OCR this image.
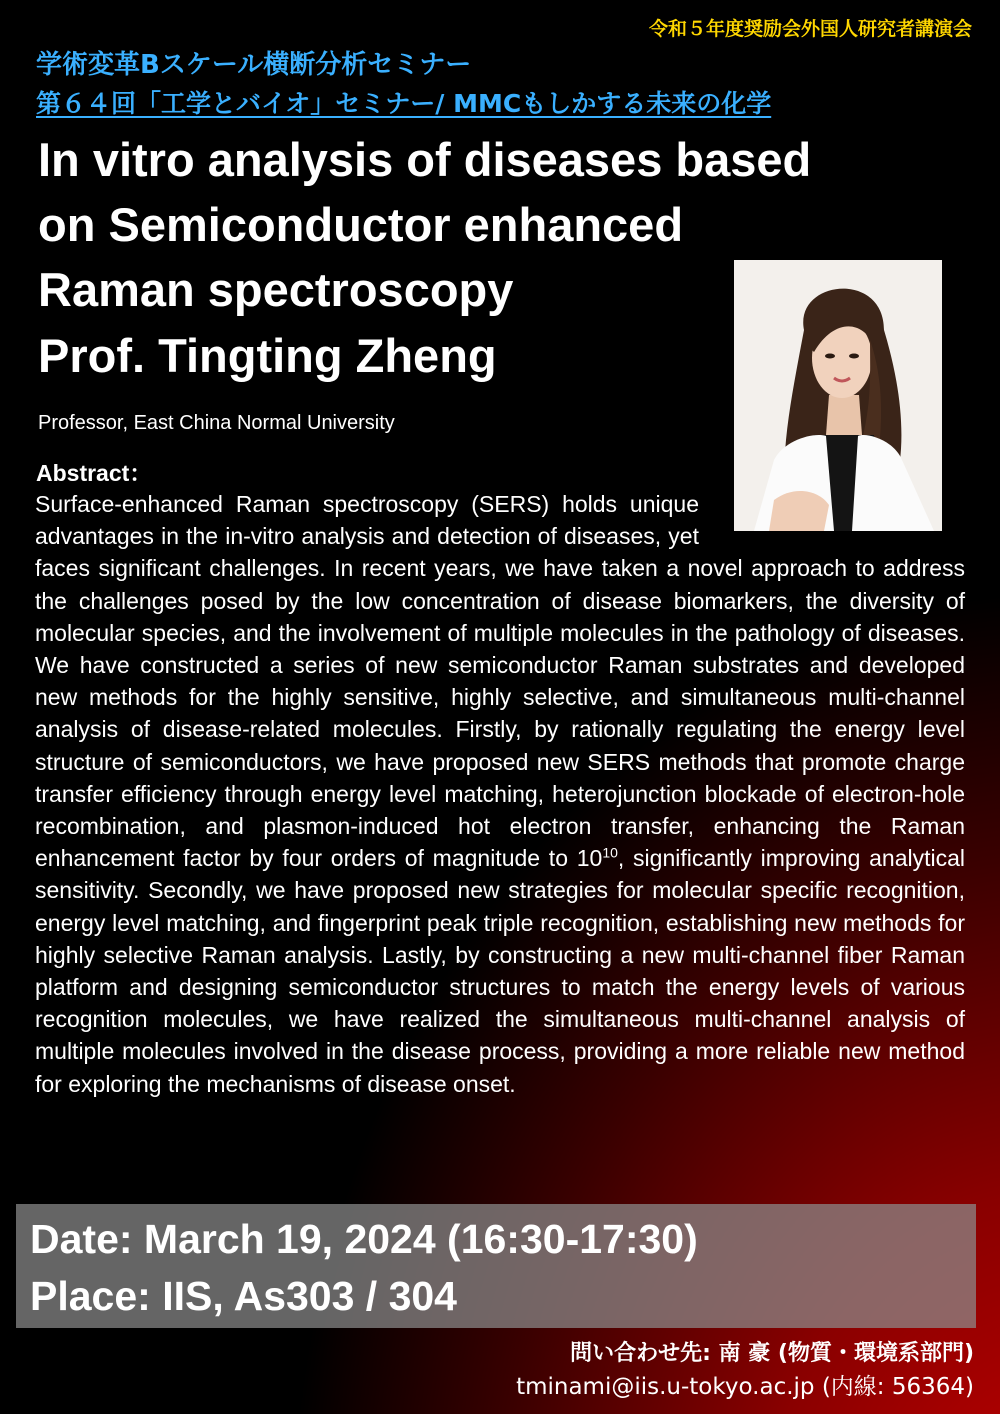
令和５年度奨励会外国人研究者講演会
学術変革Bスケール横断分析セミナー
第６４回「工学とバイオ」セミナー/ MMCもしかする未来の化学
In vitro analysis of diseases based
on Semiconductor enhanced
Raman spectroscopy
Prof. Tingting Zheng
Professor, East China Normal University
Abstract：

Surface-enhanced Raman spectroscopy (SERS) holds unique advantages in the in-vitro analysis and detection of diseases, yet faces significant challenges. In recent years, we have taken a novel approach to address the challenges posed by the low concentration of disease biomarkers, the diversity of molecular species, and the involvement of multiple molecules in the pathology of diseases. We have constructed a series of new semiconductor Raman substrates and developed new methods for the highly sensitive, highly selective, and simultaneous multi-channel analysis of disease-related molecules. Firstly, by rationally regulating the energy level structure of semiconductors, we have proposed new SERS methods that promote charge transfer efficiency through energy level matching, heterojunction blockade of electron-hole recombination, and plasmon-induced hot electron transfer, enhancing the Raman enhancement factor by four orders of magnitude to $10^{10}$, significantly improving analytical sensitivity. Secondly, we have proposed new strategies for molecular specific recognition, energy level matching, and fingerprint peak triple recognition, establishing new methods for highly selective Raman analysis. Lastly, by constructing a new multi-channel fiber Raman platform and designing semiconductor structures to match the energy levels of various recognition molecules, we have realized the simultaneous multi-channel analysis of multiple molecules involved in the disease process, providing a more reliable new method for exploring the mechanisms of disease onset.

Date: March 19, 2024 (16:30-17:30)
Place: IIS, As303 / 304
問い合わせ先: 南 豪 (物質・環境系部門)
tminami@iis.u-tokyo.ac.jp (内線: 56364)
